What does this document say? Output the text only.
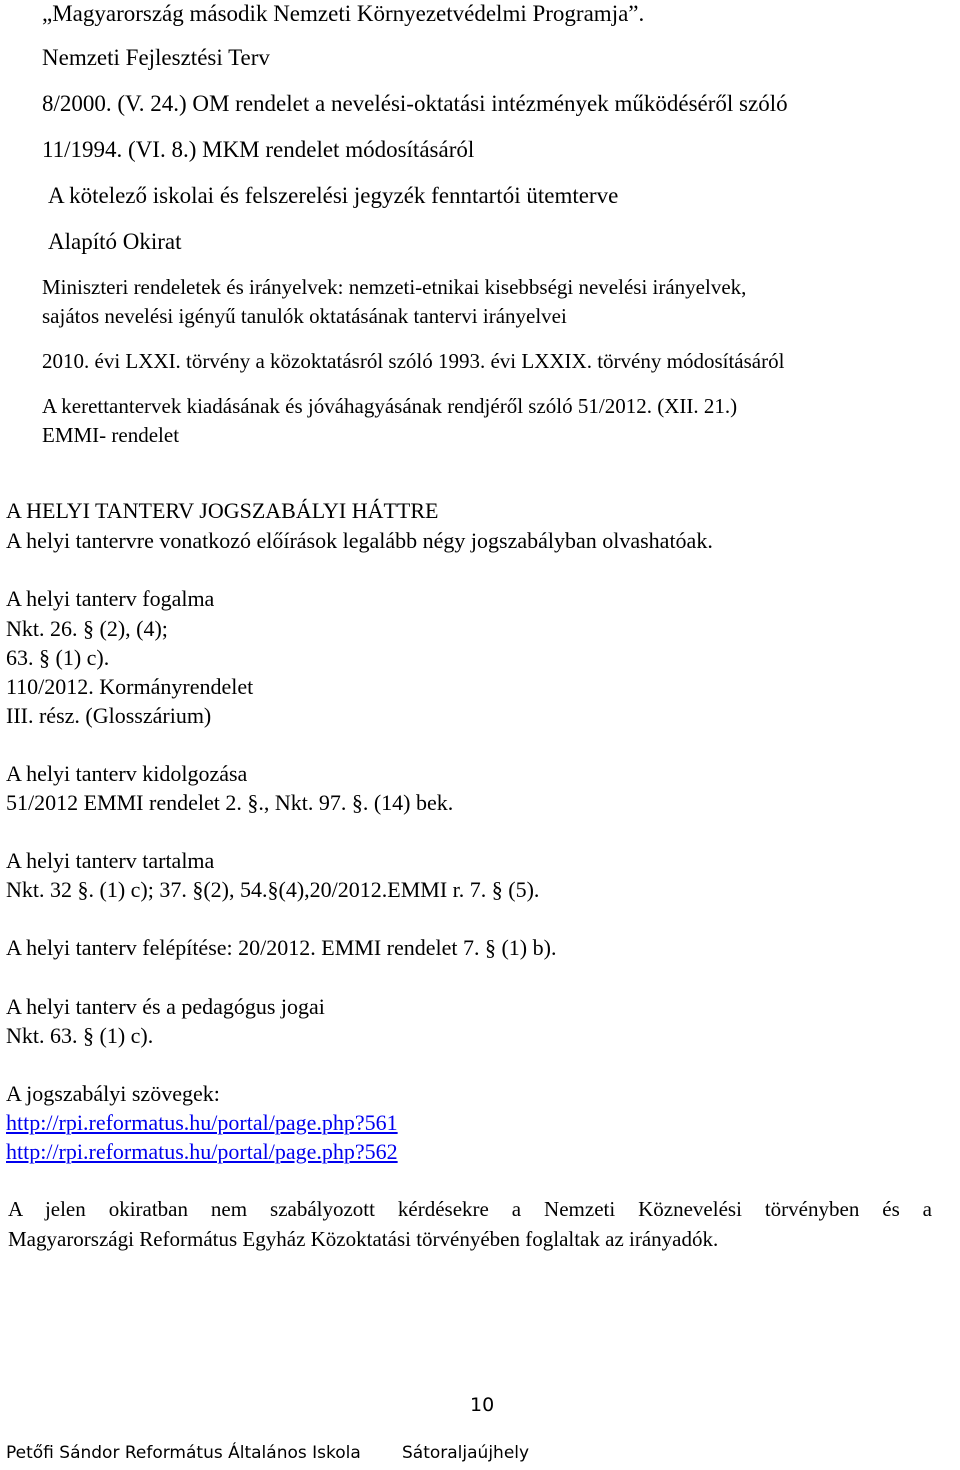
„Magyarország második Nemzeti Környezetvédelmi Programja”.
Nemzeti Fejlesztési Terv
8/2000. (V. 24.) OM rendelet a nevelési-oktatási intézmények működéséről szóló
11/1994. (VI. 8.) MKM rendelet módosításáról
A kötelező iskolai és felszerelési jegyzék fenntartói ütemterve
Alapító Okirat
Miniszteri rendeletek és irányelvek: nemzeti-etnikai kisebbségi nevelési irányelvek,
sajátos nevelési igényű tanulók oktatásának tantervi irányelvei
2010. évi LXXI. törvény a közoktatásról szóló 1993. évi LXXIX. törvény módosításáról
A kerettantervek kiadásának és jóváhagyásának rendjéről szóló 51/2012. (XII. 21.)
EMMI- rendelet
A HELYI TANTERV JOGSZABÁLYI HÁTTRE
A helyi tantervre vonatkozó előírások legalább négy jogszabályban olvashatóak.
A helyi tanterv fogalma
Nkt. 26. § (2), (4);
63. § (1) c).
110/2012. Kormányrendelet
III. rész. (Glosszárium)
A helyi tanterv kidolgozása
51/2012 EMMI rendelet 2. §., Nkt. 97. §. (14) bek.
A helyi tanterv tartalma
Nkt. 32 §. (1) c); 37. §(2), 54.§(4),20/2012.EMMI r. 7. § (5).
A helyi tanterv felépítése: 20/2012. EMMI rendelet 7. § (1) b).
A helyi tanterv és a pedagógus jogai
Nkt. 63. § (1) c).
A jogszabályi szövegek:
http://rpi.reformatus.hu/portal/page.php?561
http://rpi.reformatus.hu/portal/page.php?562
A jelen okiratban nem szabályozott kérdésekre a Nemzeti Köznevelési törvényben és a
Magyarországi Református Egyház Közoktatási törvényében foglaltak az irányadók.
10
Petőfi Sándor Református Általános Iskola Sátoraljaújhely
